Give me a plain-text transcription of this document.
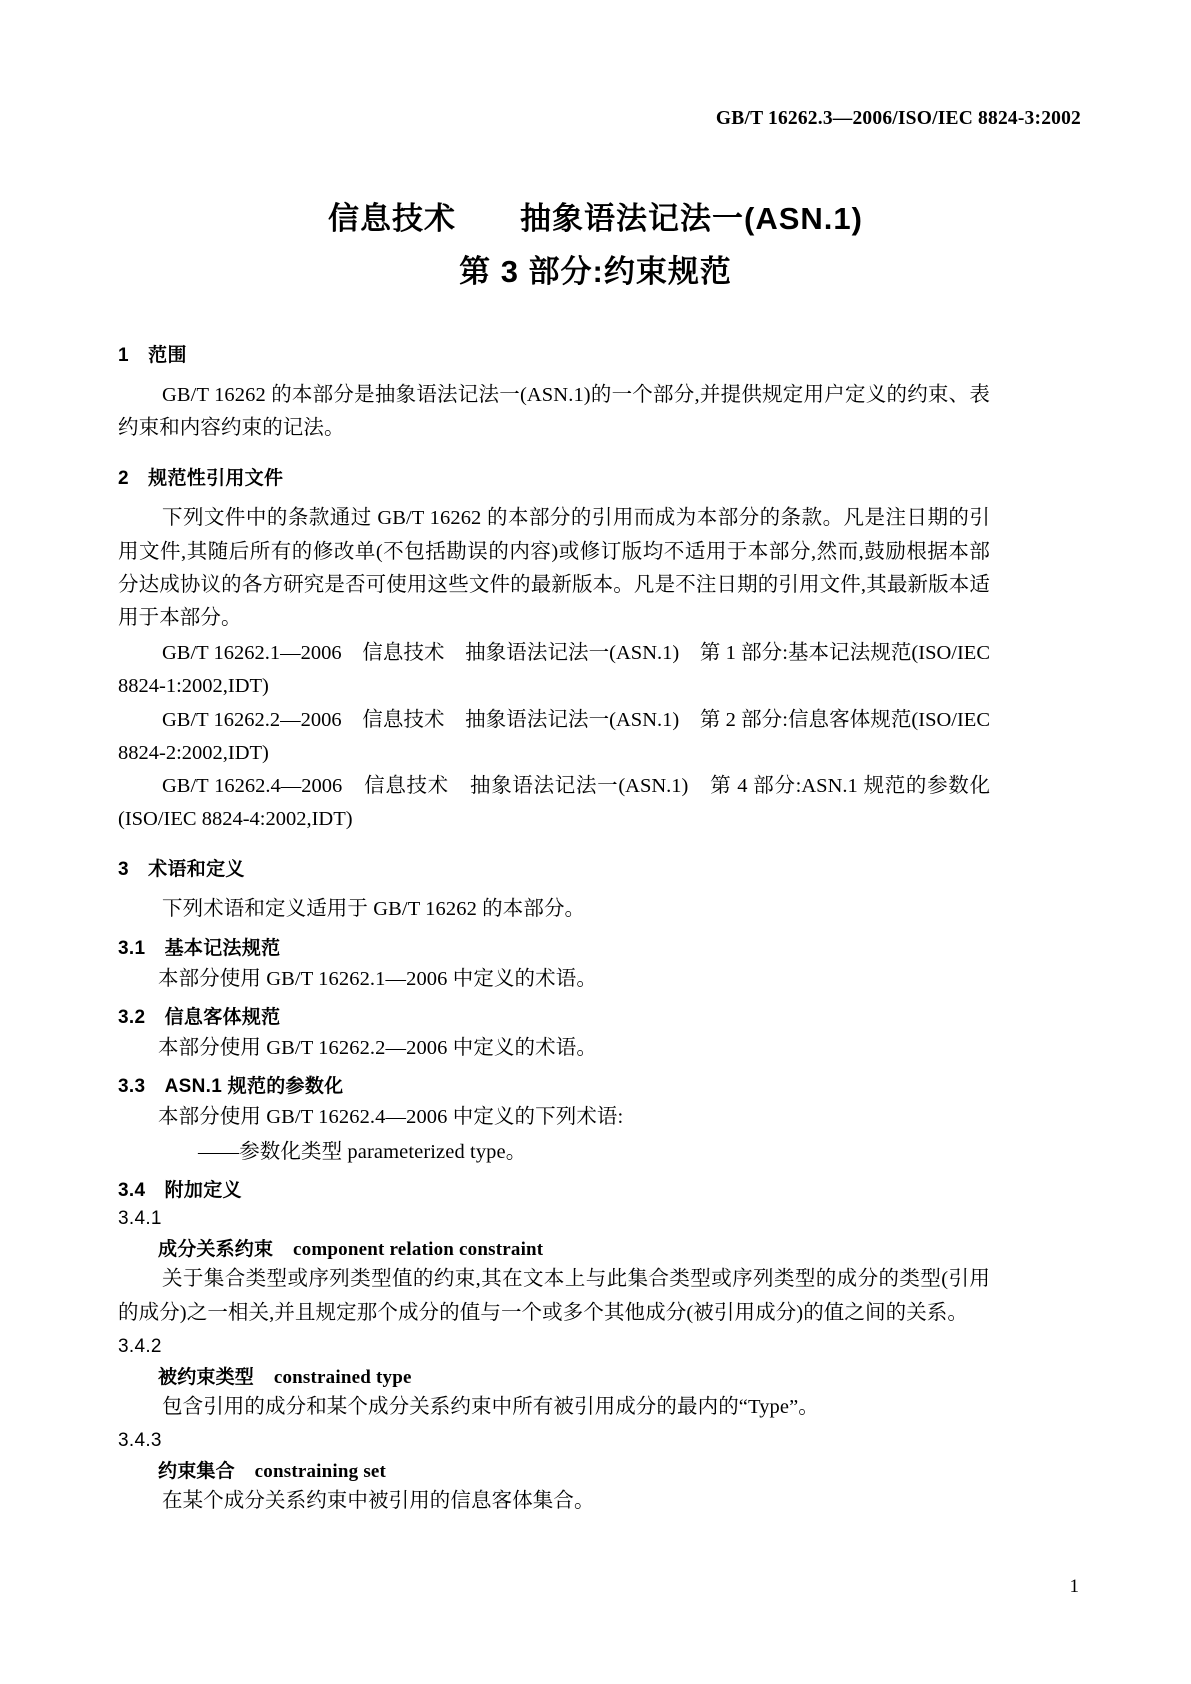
GB/T 16262.3—2006/ISO/IEC 8824-3:2002
信息技术　　抽象语法记法一(ASN.1)
第 3 部分:约束规范
1　范围

GB/T 16262 的本部分是抽象语法记法一(ASN.1)的一个部分,并提供规定用户定义的约束、表约束和内容约束的记法。

2　规范性引用文件

下列文件中的条款通过 GB/T 16262 的本部分的引用而成为本部分的条款。凡是注日期的引用文件,其随后所有的修改单(不包括勘误的内容)或修订版均不适用于本部分,然而,鼓励根据本部分达成协议的各方研究是否可使用这些文件的最新版本。凡是不注日期的引用文件,其最新版本适用于本部分。

GB/T 16262.1—2006　信息技术　抽象语法记法一(ASN.1)　第 1 部分:基本记法规范(ISO/IEC 8824-1:2002,IDT)

GB/T 16262.2—2006　信息技术　抽象语法记法一(ASN.1)　第 2 部分:信息客体规范(ISO/IEC 8824-2:2002,IDT)

GB/T 16262.4—2006　信息技术　抽象语法记法一(ASN.1)　第 4 部分:ASN.1 规范的参数化(ISO/IEC 8824-4:2002,IDT)

3　术语和定义

下列术语和定义适用于 GB/T 16262 的本部分。

3.1　基本记法规范

本部分使用 GB/T 16262.1—2006 中定义的术语。

3.2　信息客体规范

本部分使用 GB/T 16262.2—2006 中定义的术语。

3.3　ASN.1 规范的参数化

本部分使用 GB/T 16262.4—2006 中定义的下列术语:

——参数化类型 parameterized type。

3.4　附加定义
3.4.1
成分关系约束 component relation constraint

关于集合类型或序列类型值的约束,其在文本上与此集合类型或序列类型的成分的类型(引用的成分)之一相关,并且规定那个成分的值与一个或多个其他成分(被引用成分)的值之间的关系。

3.4.2
被约束类型 constrained type

包含引用的成分和某个成分关系约束中所有被引用成分的最内的“Type”。

3.4.3
约束集合 constraining set

在某个成分关系约束中被引用的信息客体集合。

1
